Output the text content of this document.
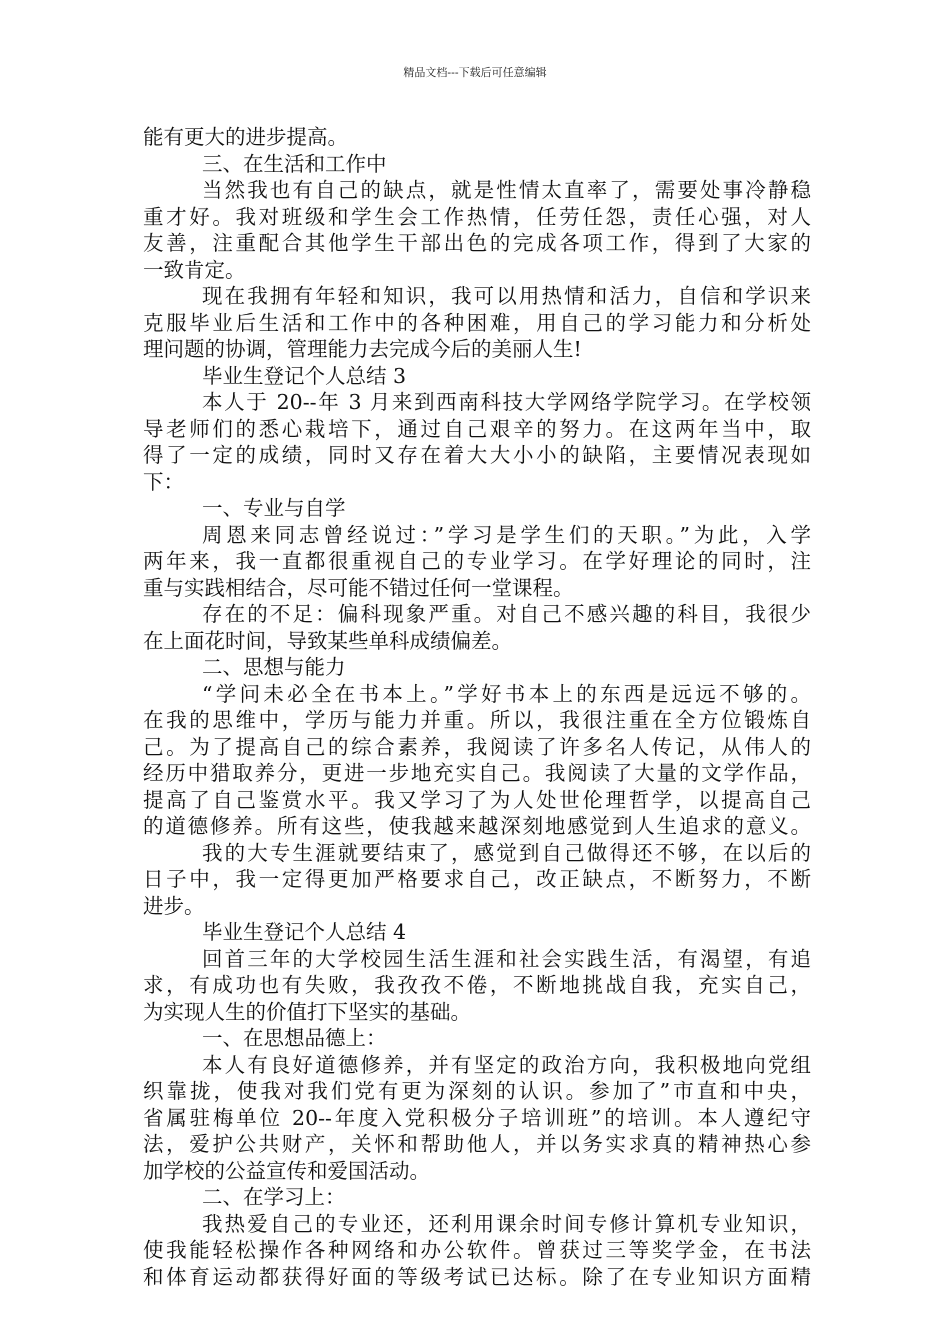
精品文档---下载后可任意编辑
能有更大的进步提高。
三、在生活和工作中
当然我也有自己的缺点，就是性情太直率了，需要处事冷静稳
重才好。我对班级和学生会工作热情，任劳任怨，责任心强，对人
友善，注重配合其他学生干部出色的完成各项工作，得到了大家的
一致肯定。
现在我拥有年轻和知识，我可以用热情和活力，自信和学识来
克服毕业后生活和工作中的各种困难，用自己的学习能力和分析处
理问题的协调，管理能力去完成今后的美丽人生!
毕业生登记个人总结 3
本人于 20--年 3 月来到西南科技大学网络学院学习。在学校领
导老师们的悉心栽培下，通过自己艰辛的努力。在这两年当中，取
得了一定的成绩，同时又存在着大大小小的缺陷，主要情况表现如
下：
一、专业与自学
周恩来同志曾经说过：”学习是学生们的天职。”为此，入学
两年来，我一直都很重视自己的专业学习。在学好理论的同时，注
重与实践相结合，尽可能不错过任何一堂课程。
存在的不足：偏科现象严重。对自己不感兴趣的科目，我很少
在上面花时间，导致某些单科成绩偏差。
二、思想与能力
“学问未必全在书本上。”学好书本上的东西是远远不够的。
在我的思维中，学历与能力并重。所以，我很注重在全方位锻炼自
己。为了提高自己的综合素养，我阅读了许多名人传记，从伟人的
经历中猎取养分，更进一步地充实自己。我阅读了大量的文学作品，
提高了自己鉴赏水平。我又学习了为人处世伦理哲学，以提高自己
的道德修养。所有这些，使我越来越深刻地感觉到人生追求的意义。
我的大专生涯就要结束了，感觉到自己做得还不够，在以后的
日子中，我一定得更加严格要求自己，改正缺点，不断努力，不断
进步。
毕业生登记个人总结 4
回首三年的大学校园生活生涯和社会实践生活，有渴望，有追
求，有成功也有失败，我孜孜不倦，不断地挑战自我，充实自己，
为实现人生的价值打下坚实的基础。
一、在思想品德上：
本人有良好道德修养，并有坚定的政治方向，我积极地向党组
织靠拢，使我对我们党有更为深刻的认识。参加了”市直和中央，
省属驻梅单位 20--年度入党积极分子培训班”的培训。本人遵纪守
法，爱护公共财产，关怀和帮助他人，并以务实求真的精神热心参
加学校的公益宣传和爱国活动。
二、在学习上：
我热爱自己的专业还，还利用课余时间专修计算机专业知识，
使我能轻松操作各种网络和办公软件。曾获过三等奖学金，在书法
和体育运动都获得好面的等级考试已达标。除了在专业知识方面精
